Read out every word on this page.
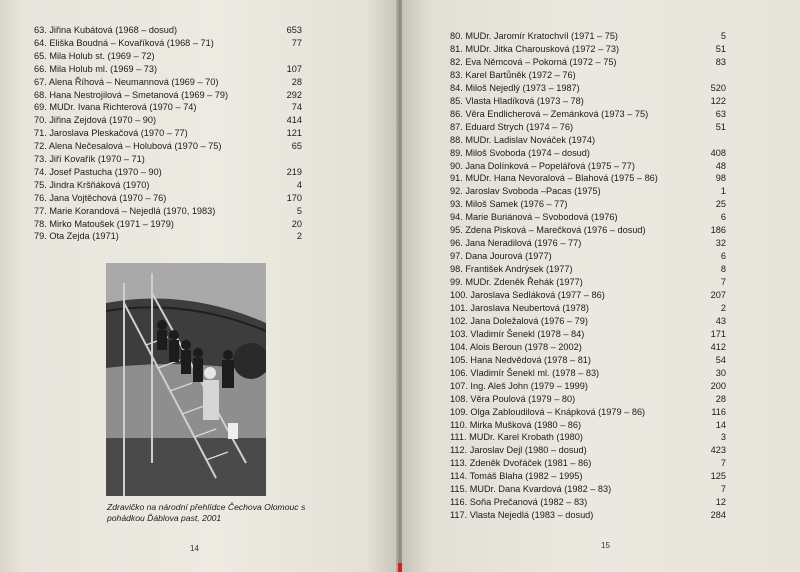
63. Jiřina Kubátová (1968 – dosud)	653
64. Eliška Boudná – Kovaříková (1968 – 71)	77
65. Mila Holub st. (1969 – 72)
66. Mila Holub ml. (1969 – 73)	107
67. Alena Říhová – Neumannová (1969 – 70)	28
68. Hana Nestrojilová – Smetanová (1969 – 79)	292
69. MUDr. Ivana Richterová (1970 – 74)	74
70. Jiřina Zejdová (1970 – 90)	414
71. Jaroslava Pleskačová (1970 – 77)	121
72. Alena Nečesalová – Holubová (1970 – 75)	65
73. Jiří Kovařík (1970 – 71)
74. Josef Pastucha (1970 – 90)	219
75. Jindra Kršňáková (1970)	4
76. Jana Vojtěchová (1970 – 76)	170
77. Marie Korandová – Nejedlá (1970, 1983)	5
78. Mirko Matoušek (1971 – 1979)	20
79. Ota Zejda (1971)	2
Zdravičko na národní přehlídce Čechova Olomouc s pohádkou Ďáblova past, 2001
14
80. MUDr. Jaromír Kratochvíl (1971 – 75)	5
81. MUDr. Jitka Charousková (1972 – 73)	51
82. Eva Němcová – Pokorná (1972 – 75)	83
83. Karel Bartůněk (1972 – 76)
84. Miloš Nejedlý (1973 – 1987)	520
85. Vlasta Hladíková (1973 – 78)	122
86. Věra Endlicherová – Zemánková (1973 – 75)	63
87. Eduard Strych (1974 – 76)	51
88. MUDr. Ladislav Nováček (1974)
89. Miloš Svoboda (1974 – dosud)	408
90. Jana Dolínková – Popelářová (1975 – 77)	48
91. MUDr. Hana Nevoralová – Blahová (1975 – 86)	98
92. Jaroslav Svoboda –Pacas (1975)	1
93. Miloš Samek (1976 – 77)	25
94. Marie Buriánová – Svobodová (1976)	6
95. Zdena Pisková – Marečková (1976 – dosud)	186
96. Jana Neradilová (1976 – 77)	32
97. Dana Jourová (1977)	6
98. František Andrýsek (1977)	8
99. MUDr. Zdeněk Řehák (1977)	7
100. Jaroslava Sedláková (1977 – 86)	207
101. Jaroslava Neubertová (1978)	2
102. Jana Doležalová (1976 – 79)	43
103. Vladimír Šenekl (1978 – 84)	171
104. Alois Beroun (1978 – 2002)	412
105. Hana Nedvědová (1978 – 81)	54
106. Vladimír Šenekl ml. (1978 – 83)	30
107. Ing. Aleš John (1979 – 1999)	200
108. Věra Poulová (1979 – 80)	28
109. Olga Zabloudilová – Knápková (1979 – 86)	116
110. Mirka Mušková (1980 – 86)	14
111. MUDr. Karel Krobath (1980)	3
112. Jaroslav Dejl (1980 – dosud)	423
113. Zdeněk Dvořáček (1981 – 86)	7
114. Tomáš Blaha (1982 – 1995)	125
115. MUDr. Dana Kvardová (1982 – 83)	7
116. Soňa Prečanová (1982 – 83)	12
117. Vlasta Nejedlá (1983 – dosud)	284
15
